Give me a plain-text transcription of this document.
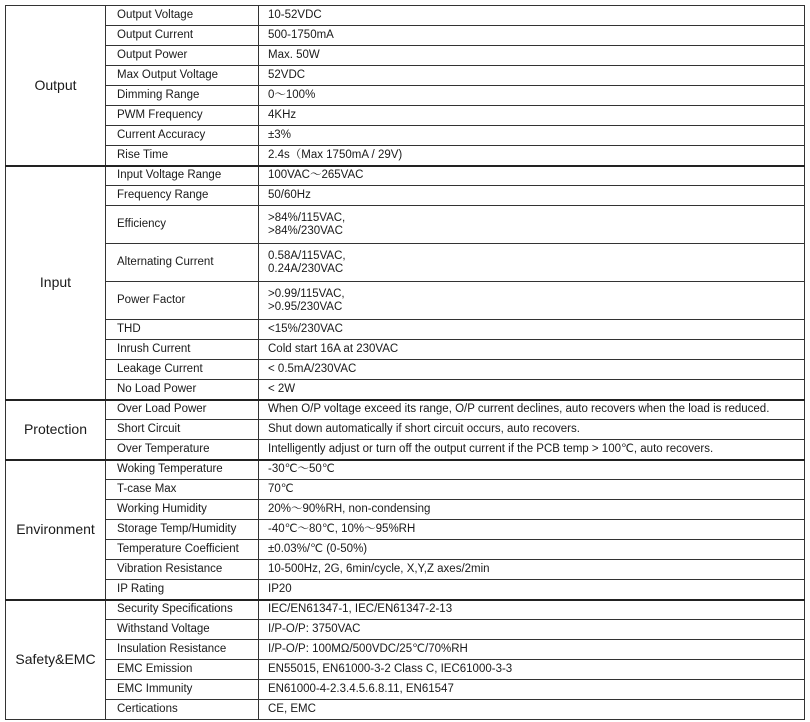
Output	Output Voltage	10-52VDC

	Output Current	500-1750mA

	Output Power	Max. 50W

	Max Output Voltage	52VDC

	Dimming Range	0～100%

	PWM Frequency	4KHz

	Current Accuracy	±3%

	Rise Time	2.4s（Max 1750mA / 29V)

Input	Input Voltage Range	100VAC～265VAC

	Frequency Range	50/60Hz

	Efficiency	>84%/115VAC,
>84%/230VAC

	Alternating Current	0.58A/115VAC,
0.24A/230VAC

	Power Factor	>0.99/115VAC,
>0.95/230VAC

	THD	<15%/230VAC

	Inrush Current	Cold start 16A at 230VAC

	Leakage Current	< 0.5mA/230VAC

	No Load Power	< 2W

Protection	Over Load Power	When O/P voltage exceed its range, O/P current declines, auto recovers when the load is reduced.

	Short Circuit	Shut down automatically if short circuit occurs, auto recovers.

	Over Temperature	Intelligently adjust or turn off the output current if the PCB temp > 100℃, auto recovers.

Environment	Woking Temperature	-30℃～50℃

	T-case Max	70℃

	Working Humidity	20%～90%RH, non-condensing

	Storage Temp/Humidity	-40℃～80℃, 10%～95%RH

	Temperature Coefficient	±0.03%/℃ (0-50%)

	Vibration Resistance	10-500Hz, 2G, 6min/cycle, X,Y,Z axes/2min

	IP Rating	IP20

Safety&EMC	Security Specifications	IEC/EN61347-1, IEC/EN61347-2-13

	Withstand Voltage	I/P-O/P: 3750VAC

	Insulation Resistance	I/P-O/P: 100MΩ/500VDC/25℃/70%RH

	EMC Emission	EN55015, EN61000-3-2 Class C, IEC61000-3-3

	EMC Immunity	EN61000-4-2.3.4.5.6.8.11, EN61547

	Certications	CE, EMC
